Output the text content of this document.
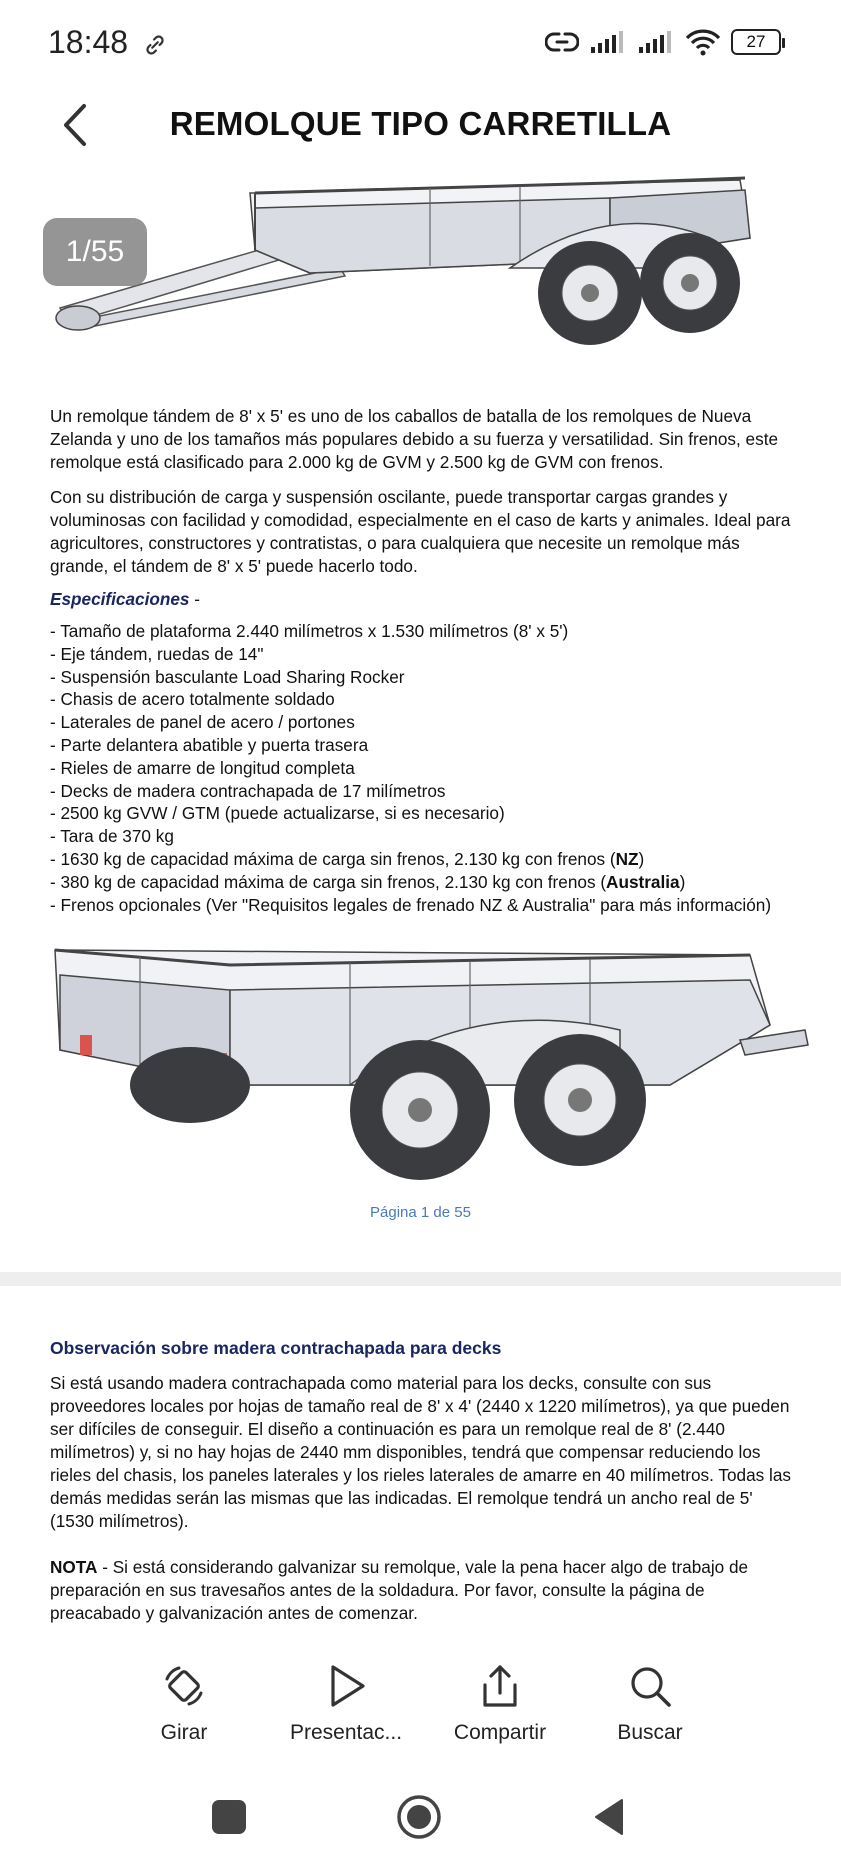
18:48	27
REMOLQUE TIPO CARRETILLA
1/55

Un remolque tándem de 8' x 5' es uno de los caballos de batalla de los remolques de Nueva Zelanda y uno de los tamaños más populares debido a su fuerza y versatilidad. Sin frenos, este remolque está clasificado para 2.000 kg de GVM y 2.500 kg de GVM con frenos.

Con su distribución de carga y suspensión oscilante, puede transportar cargas grandes y voluminosas con facilidad y comodidad, especialmente en el caso de karts y animales. Ideal para agricultores, constructores y contratistas, o para cualquiera que necesite un remolque más grande, el tándem de 8' x 5' puede hacerlo todo.

Especificaciones -
- Tamaño de plataforma 2.440 milímetros x 1.530 milímetros (8' x 5')
- Eje tándem, ruedas de 14"
- Suspensión basculante Load Sharing Rocker
- Chasis de acero totalmente soldado
- Laterales de panel de acero / portones
- Parte delantera abatible y puerta trasera
- Rieles de amarre de longitud completa
- Decks de madera contrachapada de 17 milímetros
- 2500 kg GVW / GTM (puede actualizarse, si es necesario)
- Tara de 370 kg
- 1630 kg de capacidad máxima de carga sin frenos, 2.130 kg con frenos (NZ)
- 380 kg de capacidad máxima de carga sin frenos, 2.130 kg con frenos (Australia)
- Frenos opcionales (Ver "Requisitos legales de frenado NZ & Australia" para más información)
Página 1 de 55
Observación sobre madera contrachapada para decks

Si está usando madera contrachapada como material para los decks, consulte con sus proveedores locales por hojas de tamaño real de 8' x 4' (2440 x 1220 milímetros), ya que pueden ser difíciles de conseguir. El diseño a continuación es para un remolque real de 8' (2.440 milímetros) y, si no hay hojas de 2440 mm disponibles, tendrá que compensar reduciendo los rieles del chasis, los paneles laterales y los rieles laterales de amarre en 40 milímetros. Todas las demás medidas serán las mismas que las indicadas. El remolque tendrá un ancho real de 5' (1530 milímetros).

NOTA - Si está considerando galvanizar su remolque, vale la pena hacer algo de trabajo de preparación en sus travesaños antes de la soldadura. Por favor, consulte la página de preacabado y galvanización antes de comenzar.

Girar	Presentac...	Compartir	Buscar
